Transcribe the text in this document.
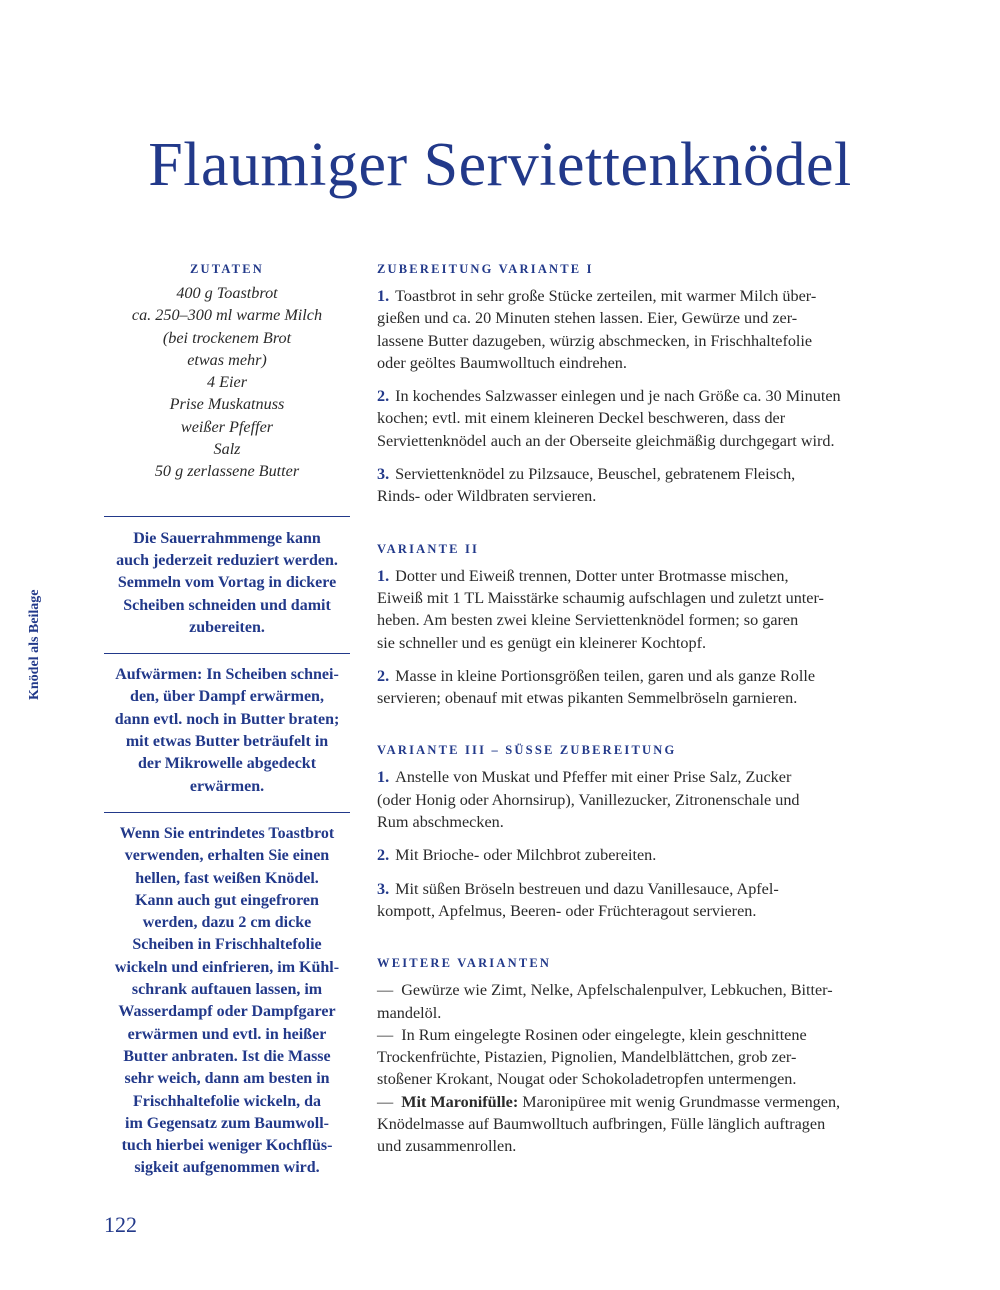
Flaumiger Serviettenknödel
Knödel als Beilage
ZUTATEN
400 g Toastbrot
ca. 250–300 ml warme Milch
(bei trockenem Brot
etwas mehr)
4 Eier
Prise Muskatnuss
weißer Pfeffer
Salz
50 g zerlassene Butter
Die Sauerrahmmenge kann
auch jederzeit reduziert werden.
Semmeln vom Vortag in dickere
Scheiben schneiden und damit
zubereiten.
Aufwärmen: In Scheiben schnei-
den, über Dampf erwärmen,
dann evtl. noch in Butter braten;
mit etwas Butter beträufelt in
der Mikrowelle abgedeckt
erwärmen.
Wenn Sie entrindetes Toastbrot
verwenden, erhalten Sie einen
hellen, fast weißen Knödel.
Kann auch gut eingefroren
werden, dazu 2 cm dicke
Scheiben in Frischhaltefolie
wickeln und einfrieren, im Kühl-
schrank auftauen lassen, im
Wasserdampf oder Dampfgarer
erwärmen und evtl. in heißer
Butter anbraten. Ist die Masse
sehr weich, dann am besten in
Frischhaltefolie wickeln, da
im Gegensatz zum Baumwoll-
tuch hierbei weniger Kochflüs-
sigkeit aufgenommen wird.
ZUBEREITUNG VARIANTE I
1. Toastbrot in sehr große Stücke zerteilen, mit warmer Milch über-
gießen und ca. 20 Minuten stehen lassen. Eier, Gewürze und zer-
lassene Butter dazugeben, würzig abschmecken, in Frischhaltefolie
oder geöltes Baumwolltuch eindrehen.
2. In kochendes Salzwasser einlegen und je nach Größe ca. 30 Minuten
kochen; evtl. mit einem kleineren Deckel beschweren, dass der
Serviettenknödel auch an der Oberseite gleichmäßig durchgegart wird.
3. Serviettenknödel zu Pilzsauce, Beuschel, gebratenem Fleisch,
Rinds- oder Wildbraten servieren.
VARIANTE II
1. Dotter und Eiweiß trennen, Dotter unter Brotmasse mischen,
Eiweiß mit 1 TL Maisstärke schaumig aufschlagen und zuletzt unter-
heben. Am besten zwei kleine Serviettenknödel formen; so garen
sie schneller und es genügt ein kleinerer Kochtopf.
2. Masse in kleine Portionsgrößen teilen, garen und als ganze Rolle
servieren; obenauf mit etwas pikanten Semmelbröseln garnieren.
VARIANTE III – SÜSSE ZUBEREITUNG
1. Anstelle von Muskat und Pfeffer mit einer Prise Salz, Zucker
(oder Honig oder Ahornsirup), Vanillezucker, Zitronenschale und
Rum abschmecken.
2. Mit Brioche- oder Milchbrot zubereiten.
3. Mit süßen Bröseln bestreuen und dazu Vanillesauce, Apfel-
kompott, Apfelmus, Beeren- oder Früchteragout servieren.
WEITERE VARIANTEN
— Gewürze wie Zimt, Nelke, Apfelschalenpulver, Lebkuchen, Bitter-
mandelöl.
— In Rum eingelegte Rosinen oder eingelegte, klein geschnittene
Trockenfrüchte, Pistazien, Pignolien, Mandelblättchen, grob zer-
stoßener Krokant, Nougat oder Schokoladetropfen untermengen.
— Mit Maronifülle: Maronipüree mit wenig Grundmasse vermengen,
Knödelmasse auf Baumwolltuch aufbringen, Fülle länglich auftragen
und zusammenrollen.
122
